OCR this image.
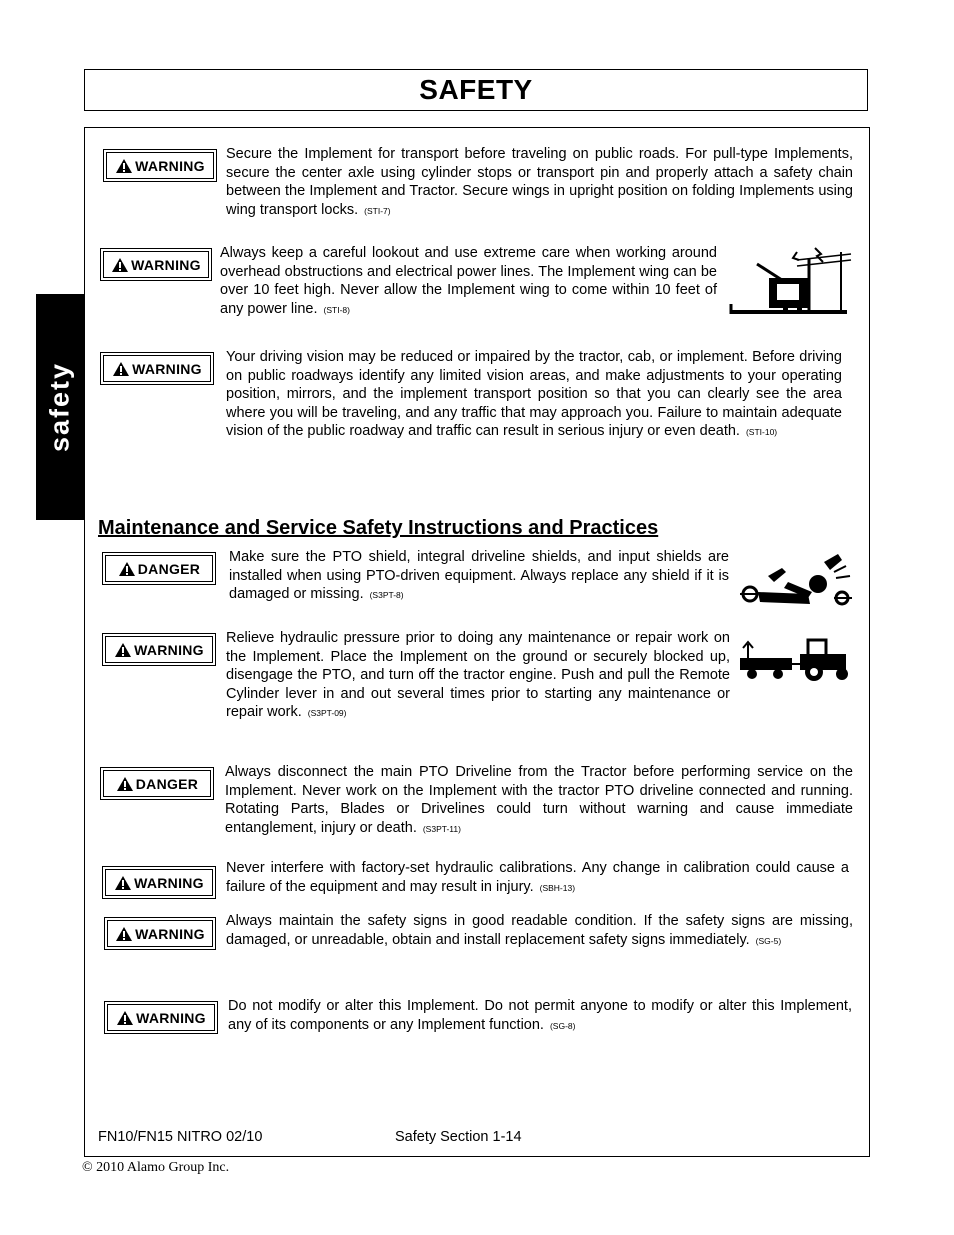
SAFETY
safety
WARNING
Secure the Implement for transport before traveling on public roads. For pull-type Implements, secure the center axle using cylinder stops or transport pin and properly attach a safety chain between the Implement and Tractor. Secure wings in upright position on folding Implements using wing transport locks. (STI-7)
WARNING
Always keep a careful lookout and use extreme care when working around overhead obstructions and electrical power lines. The Implement wing can be over 10 feet high. Never allow the Implement wing to come within 10 feet of any power line. (STI-8)
WARNING
Your driving vision may be reduced or impaired by the tractor, cab, or implement. Before driving on public roadways identify any limited vision areas, and make adjustments to your operating position, mirrors, and the implement transport position so that you can clearly see the area where you will be traveling, and any traffic that may approach you. Failure to maintain adequate vision of the public roadway and traffic can result in serious injury or even death. (STI-10)
Maintenance and Service Safety Instructions and Practices
DANGER
Make sure the PTO shield, integral driveline shields, and input shields are installed when using PTO-driven equipment. Always replace any shield if it is damaged or missing. (S3PT-8)
WARNING
Relieve hydraulic pressure prior to doing any maintenance or repair work on the Implement. Place the Implement on the ground or securely blocked up, disengage the PTO, and turn off the tractor engine. Push and pull the Remote Cylinder lever in and out several times prior to starting any maintenance or repair work. (S3PT-09)
DANGER
Always disconnect the main PTO Driveline from the Tractor before performing service on the Implement. Never work on the Implement with the tractor PTO driveline connected and running. Rotating Parts, Blades or Drivelines could turn without warning and cause immediate entanglement, injury or death. (S3PT-11)
WARNING
Never interfere with factory-set hydraulic calibrations. Any change in calibration could cause a failure of the equipment and may result in injury. (SBH-13)
WARNING
Always maintain the safety signs in good readable condition. If the safety signs are missing, damaged, or unreadable, obtain and install replacement safety signs immediately. (SG-5)
WARNING
Do not modify or alter this Implement. Do not permit anyone to modify or alter this Implement, any of its components or any Implement function. (SG-8)
FN10/FN15 NITRO 02/10	Safety Section 1-14
© 2010 Alamo Group Inc.
